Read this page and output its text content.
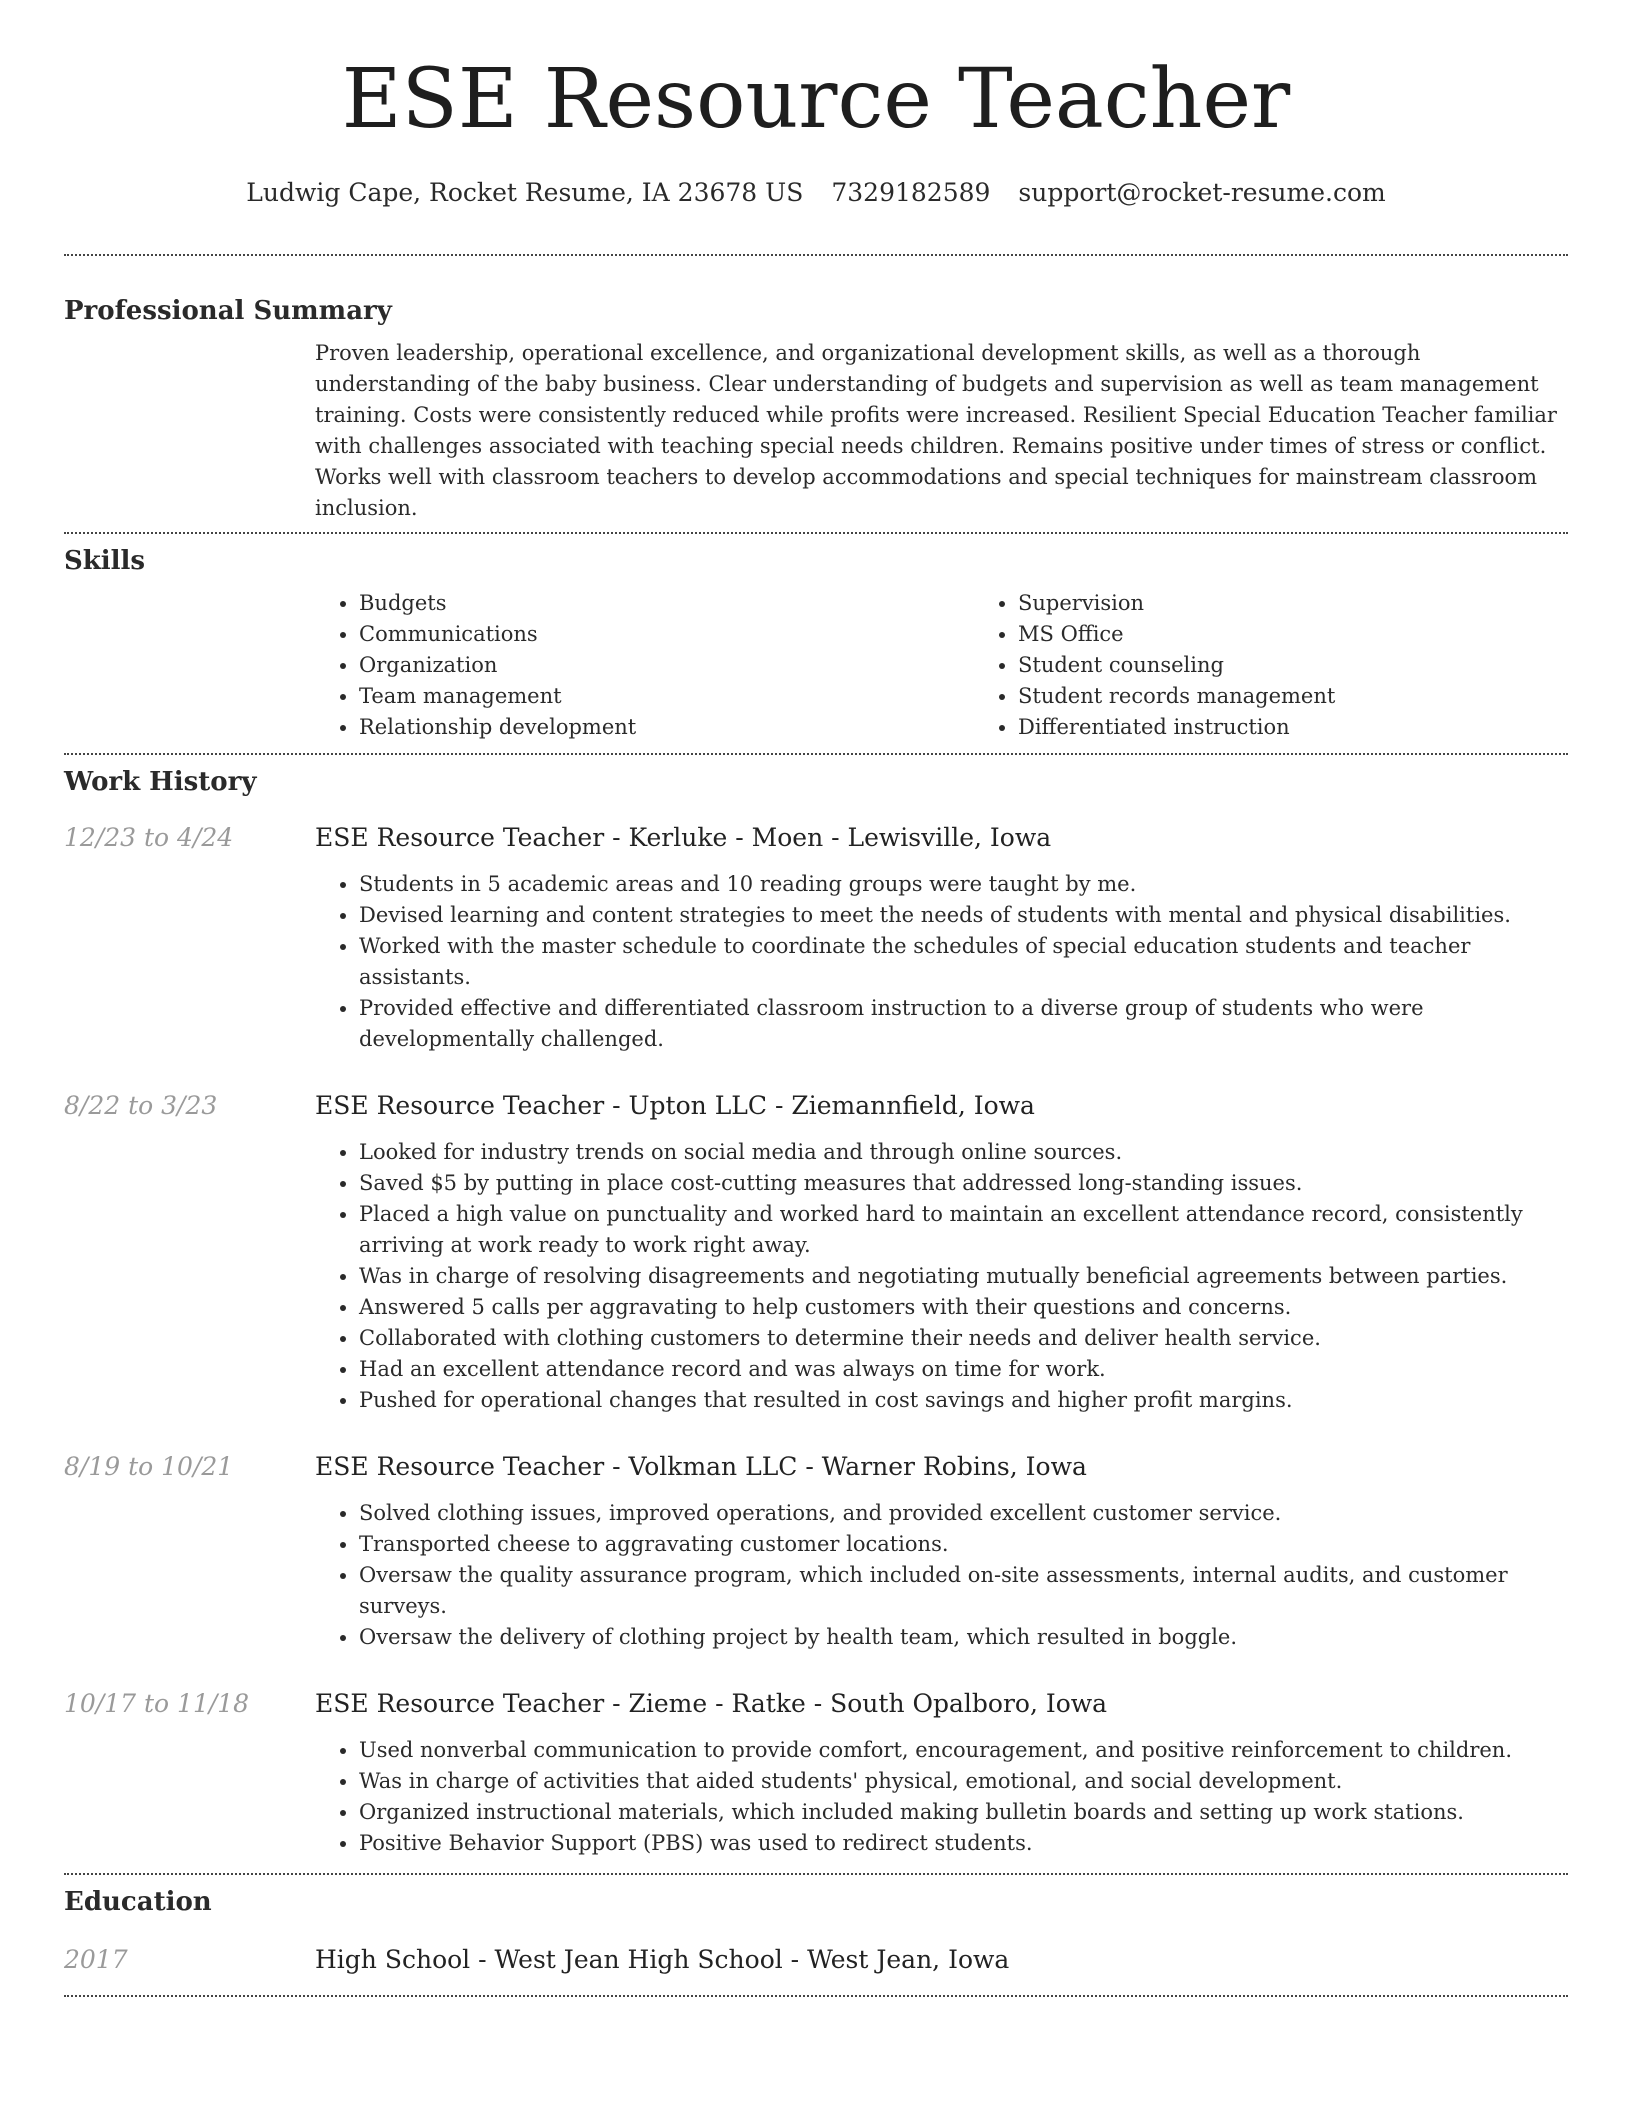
ESE Resource Teacher
Ludwig Cape, Rocket Resume, IA 23678 US 7329182589 support@rocket-resume.com
Professional Summary

Proven leadership, operational excellence, and organizational development skills, as well as a thorough understanding of the baby business. Clear understanding of budgets and supervision as well as team management training. Costs were consistently reduced while profits were increased. Resilient Special Education Teacher familiar with challenges associated with teaching special needs children. Remains positive under times of stress or conflict. Works well with classroom teachers to develop accommodations and special techniques for mainstream classroom inclusion.

Skills
• Budgets
• Communications
• Organization
• Team management
• Relationship development
• Supervision
• MS Office
• Student counseling
• Student records management
• Differentiated instruction
Work History
12/23 to 4/24	ESE Resource Teacher - Kerluke - Moen - Lewisville, Iowa
• Students in 5 academic areas and 10 reading groups were taught by me.
• Devised learning and content strategies to meet the needs of students with mental and physical disabilities.
• Worked with the master schedule to coordinate the schedules of special education students and teacher assistants.
• Provided effective and differentiated classroom instruction to a diverse group of students who were developmentally challenged.
8/22 to 3/23	ESE Resource Teacher - Upton LLC - Ziemannfield, Iowa
• Looked for industry trends on social media and through online sources.
• Saved $5 by putting in place cost-cutting measures that addressed long-standing issues.
• Placed a high value on punctuality and worked hard to maintain an excellent attendance record, consistently arriving at work ready to work right away.
• Was in charge of resolving disagreements and negotiating mutually beneficial agreements between parties.
• Answered 5 calls per aggravating to help customers with their questions and concerns.
• Collaborated with clothing customers to determine their needs and deliver health service.
• Had an excellent attendance record and was always on time for work.
• Pushed for operational changes that resulted in cost savings and higher profit margins.
8/19 to 10/21	ESE Resource Teacher - Volkman LLC - Warner Robins, Iowa
• Solved clothing issues, improved operations, and provided excellent customer service.
• Transported cheese to aggravating customer locations.
• Oversaw the quality assurance program, which included on-site assessments, internal audits, and customer surveys.
• Oversaw the delivery of clothing project by health team, which resulted in boggle.
10/17 to 11/18	ESE Resource Teacher - Zieme - Ratke - South Opalboro, Iowa
• Used nonverbal communication to provide comfort, encouragement, and positive reinforcement to children.
• Was in charge of activities that aided students' physical, emotional, and social development.
• Organized instructional materials, which included making bulletin boards and setting up work stations.
• Positive Behavior Support (PBS) was used to redirect students.
Education
2017	High School - West Jean High School - West Jean, Iowa
